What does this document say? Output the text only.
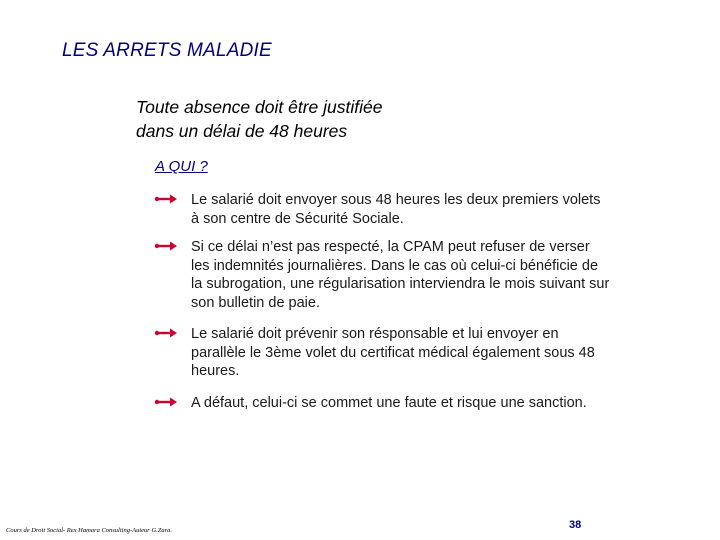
LES ARRETS MALADIE
Toute absence doit être justifiée
dans un délai de 48 heures
A QUI ?
Le salarié doit envoyer sous 48 heures les deux premiers volets
à son centre de Sécurité Sociale.
Si ce délai n’est pas respecté, la CPAM peut refuser de verser
les indemnités journalières. Dans le cas où celui-ci bénéficie de
la subrogation, une régularisation interviendra le mois suivant sur
son bulletin de paie.
Le salarié doit prévenir son résponsable et lui envoyer en
parallèle le 3ème volet du certificat médical également sous 48
heures.
A défaut, celui-ci se commet une faute et risque une sanction.
Cours de Droit Social- Rex Hamara Consulting-Auteur G.Zara.	38
